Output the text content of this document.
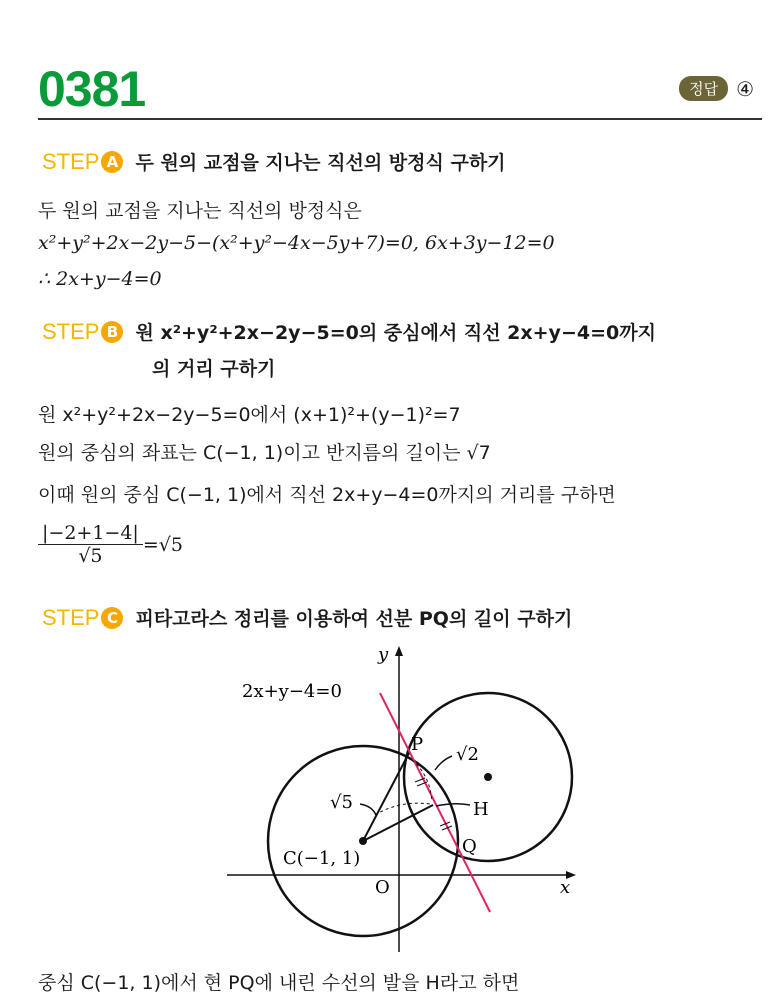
0381	정답 ④
STEP A 두 원의 교점을 지나는 직선의 방정식 구하기
두 원의 교점을 지나는 직선의 방정식은
x²+y²+2x−2y−5−(x²+y²−4x−5y+7)=0, 6x+3y−12=0
∴ 2x+y−4=0
STEP B 원 x²+y²+2x−2y−5=0의 중심에서 직선 2x+y−4=0까지
의 거리 구하기
원 x²+y²+2x−2y−5=0에서 (x+1)²+(y−1)²=7
원의 중심의 좌표는 C(−1, 1)이고 반지름의 길이는 √7
이때 원의 중심 C(−1, 1)에서 직선 2x+y−4=0까지의 거리를 구하면
$\frac{|-2+1-4|}{√5} =√5$
STEP C 피타고라스 정리를 이용하여 선분 PQ의 길이 구하기
2x+y−4=0
y
x
O
P
Q
H
C(−1, 1)
√2
√5
중심 C(−1, 1)에서 현 PQ에 내린 수선의 발을 H라고 하면
